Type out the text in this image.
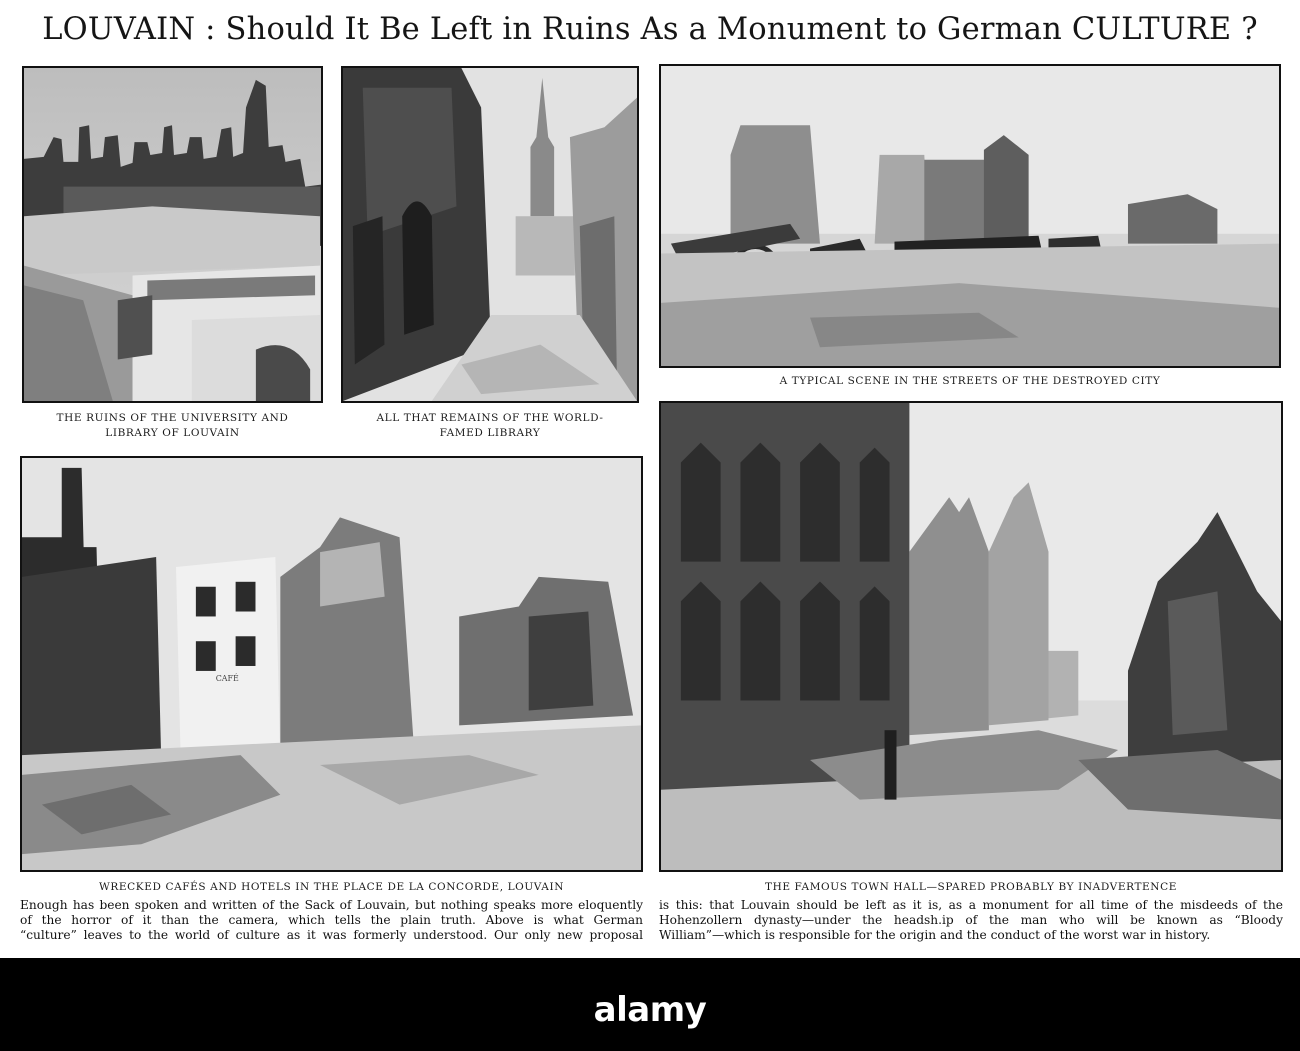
LOUVAIN : Should It Be Left in Ruins As a Monument to German CULTURE ?
THE RUINS OF THE UNIVERSITY AND
LIBRARY OF LOUVAIN
ALL THAT REMAINS OF THE WORLD-
FAMED LIBRARY
A TYPICAL SCENE IN THE STREETS OF THE DESTROYED CITY
CAFÉ
WRECKED CAFÉS AND HOTELS IN THE PLACE DE LA CONCORDE, LOUVAIN	THE FAMOUS TOWN HALL—SPARED PROBABLY BY INADVERTENCE
Enough has been spoken and written of the Sack of Louvain, but nothing speaks more eloquently
of the horror of it than the camera, which tells the plain truth. Above is what German
“culture” leaves to the world of culture as it was formerly understood. Our only new proposal
is this: that Louvain should be left as it is, as a monument for all time of the misdeeds of the
Hohenzollern dynasty—under the headsh.ip of the man who will be known as “Bloody
William”—which is responsible for the origin and the conduct of the worst war in history.
alamy
